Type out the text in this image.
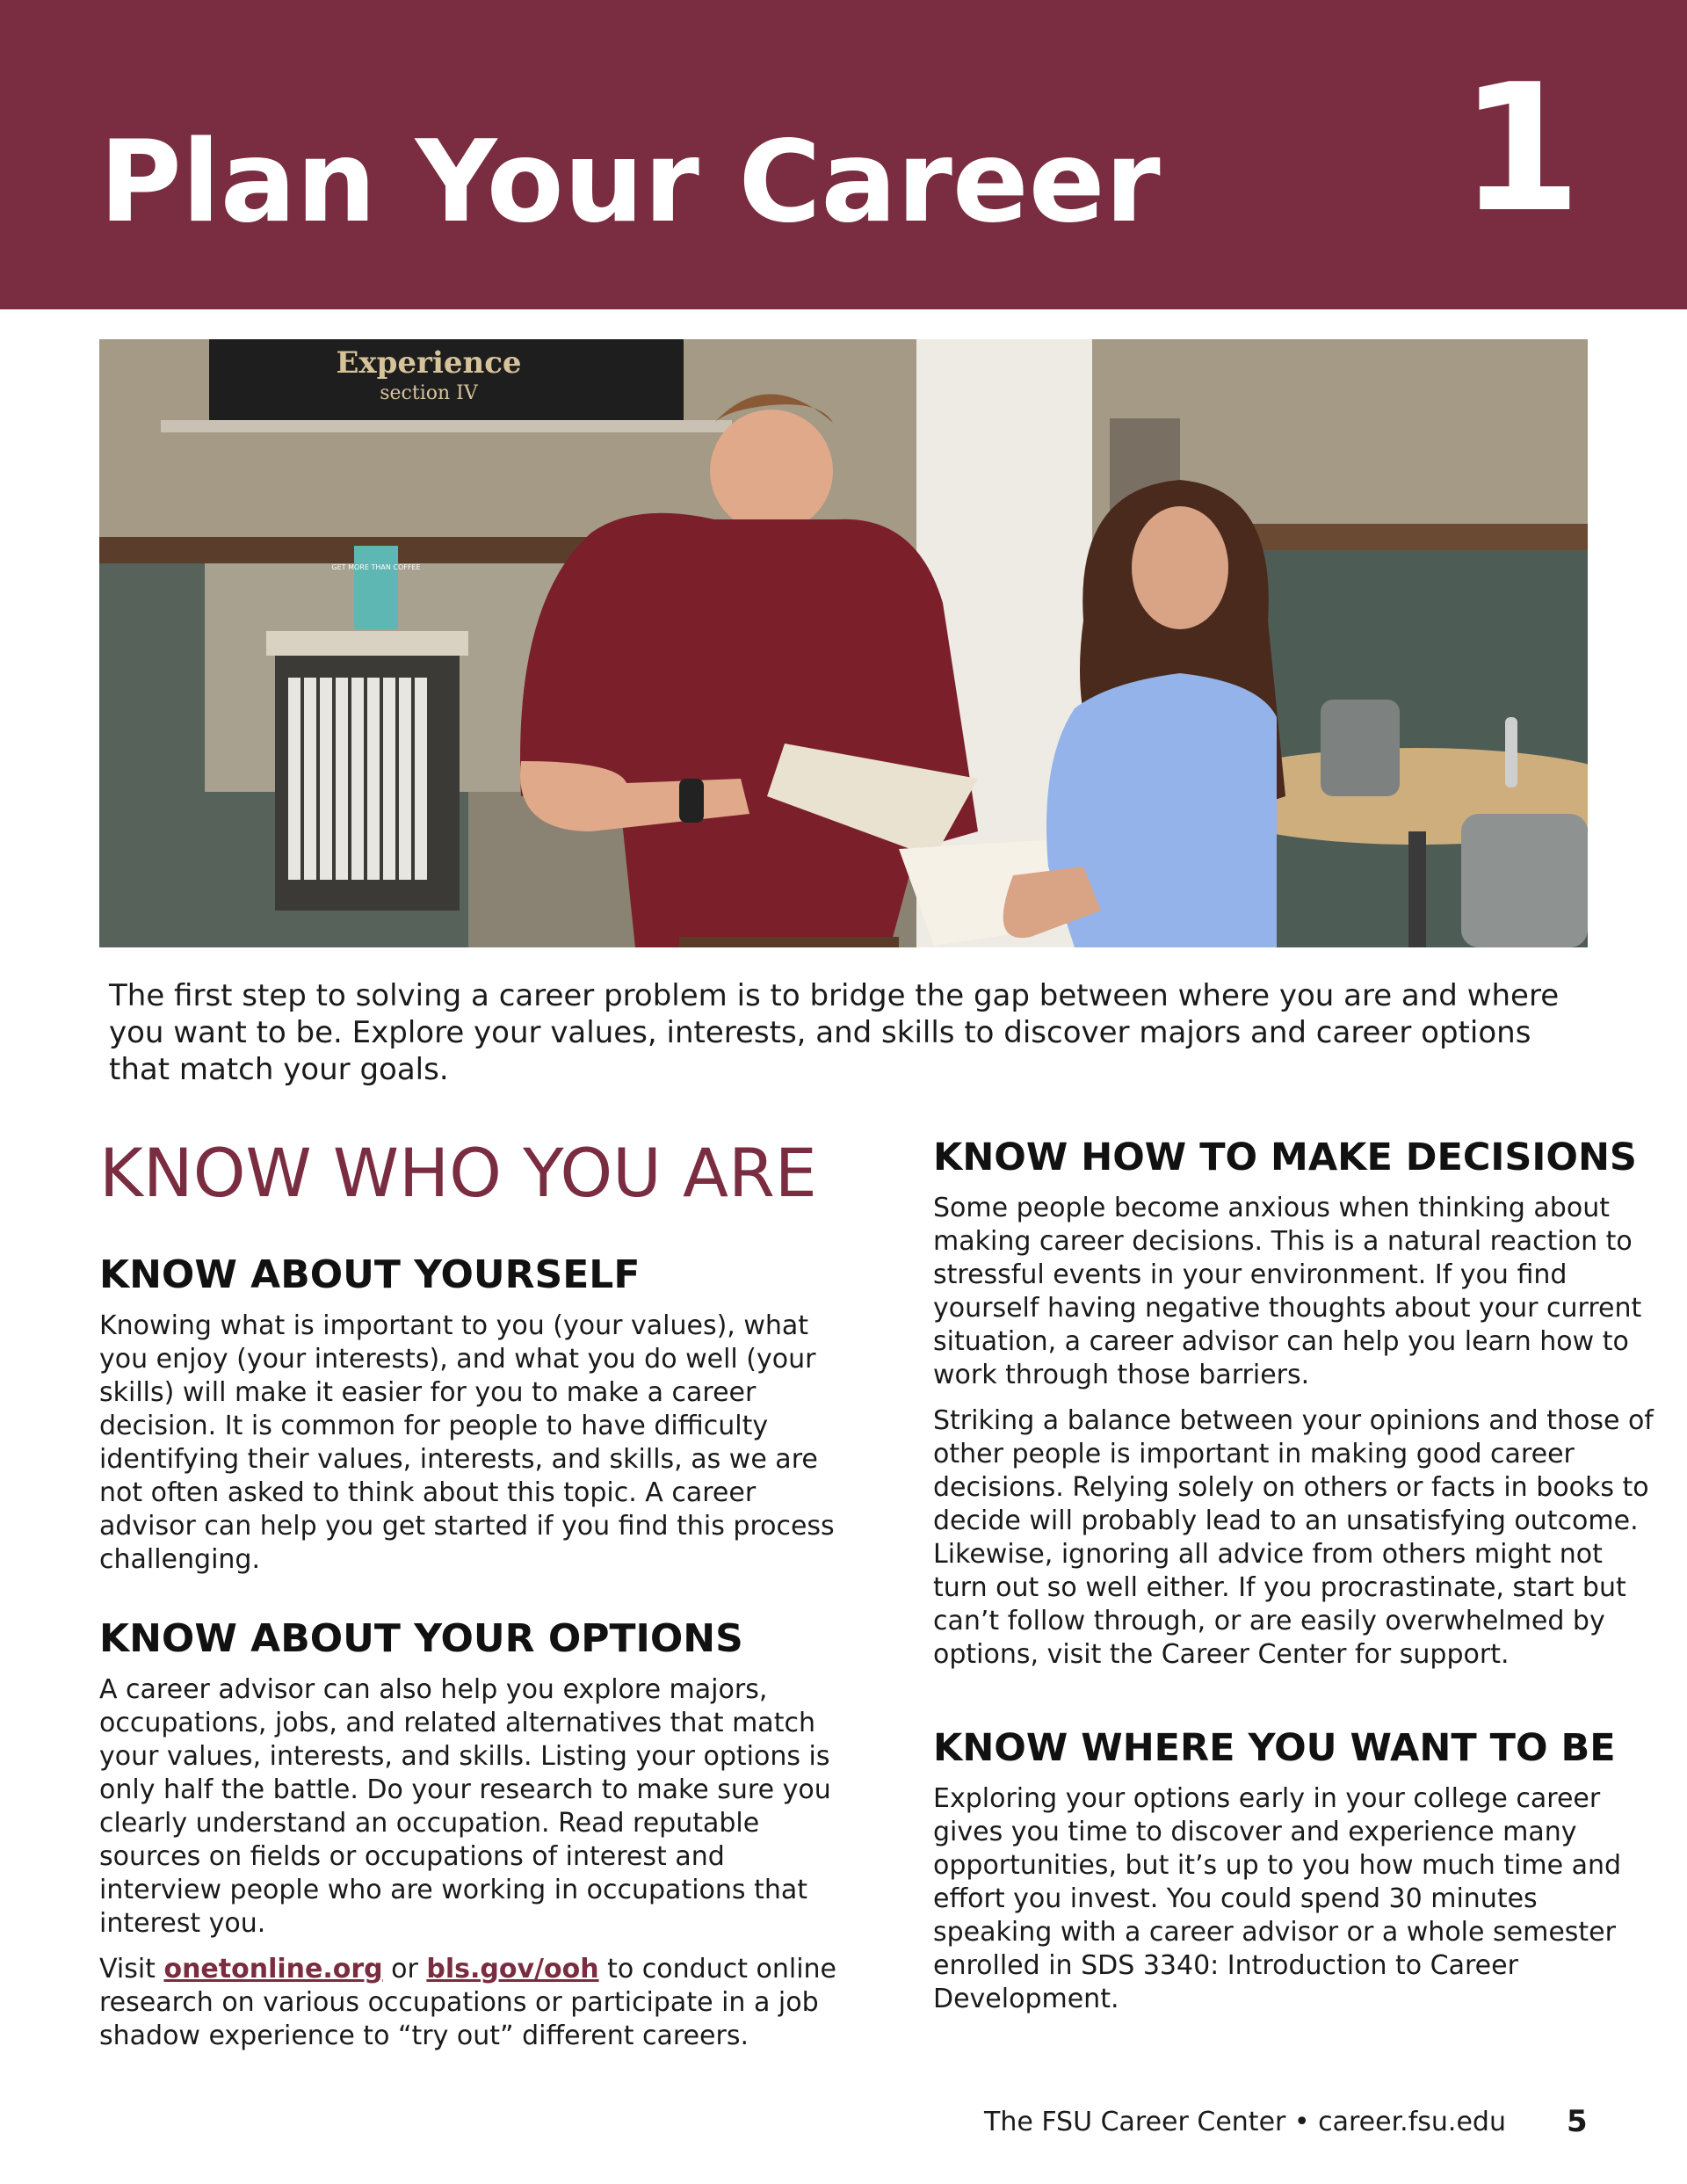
Plan Your Career 1
Experience
section IV
GET MORE THAN COFFEE

The first step to solving a career problem is to bridge the gap between where you are and where you want to be. Explore your values, interests, and skills to discover majors and career options that match your goals.

KNOW WHO YOU ARE
KNOW ABOUT YOURSELF

Knowing what is important to you (your values), what you enjoy (your interests), and what you do well (your skills) will make it easier for you to make a career decision. It is common for people to have difficulty identifying their values, interests, and skills, as we are not often asked to think about this topic. A career advisor can help you get started if you find this process challenging.

KNOW ABOUT YOUR OPTIONS

A career advisor can also help you explore majors, occupations, jobs, and related alternatives that match your values, interests, and skills. Listing your options is only half the battle. Do your research to make sure you clearly understand an occupation. Read reputable sources on fields or occupations of interest and interview people who are working in occupations that interest you.

Visit onetonline.org or bls.gov/ooh to conduct online research on various occupations or participate in a job shadow experience to “try out” different careers.

KNOW HOW TO MAKE DECISIONS

Some people become anxious when thinking about making career decisions. This is a natural reaction to stressful events in your environment. If you find yourself having negative thoughts about your current situation, a career advisor can help you learn how to work through those barriers.

Striking a balance between your opinions and those of other people is important in making good career decisions. Relying solely on others or facts in books to decide will probably lead to an unsatisfying outcome. Likewise, ignoring all advice from others might not turn out so well either. If you procrastinate, start but can’t follow through, or are easily overwhelmed by options, visit the Career Center for support.

KNOW WHERE YOU WANT TO BE

Exploring your options early in your college career gives you time to discover and experience many opportunities, but it’s up to you how much time and effort you invest. You could spend 30 minutes speaking with a career advisor or a whole semester enrolled in SDS 3340: Introduction to Career Development.

The FSU Career Center • career.fsu.edu 5
